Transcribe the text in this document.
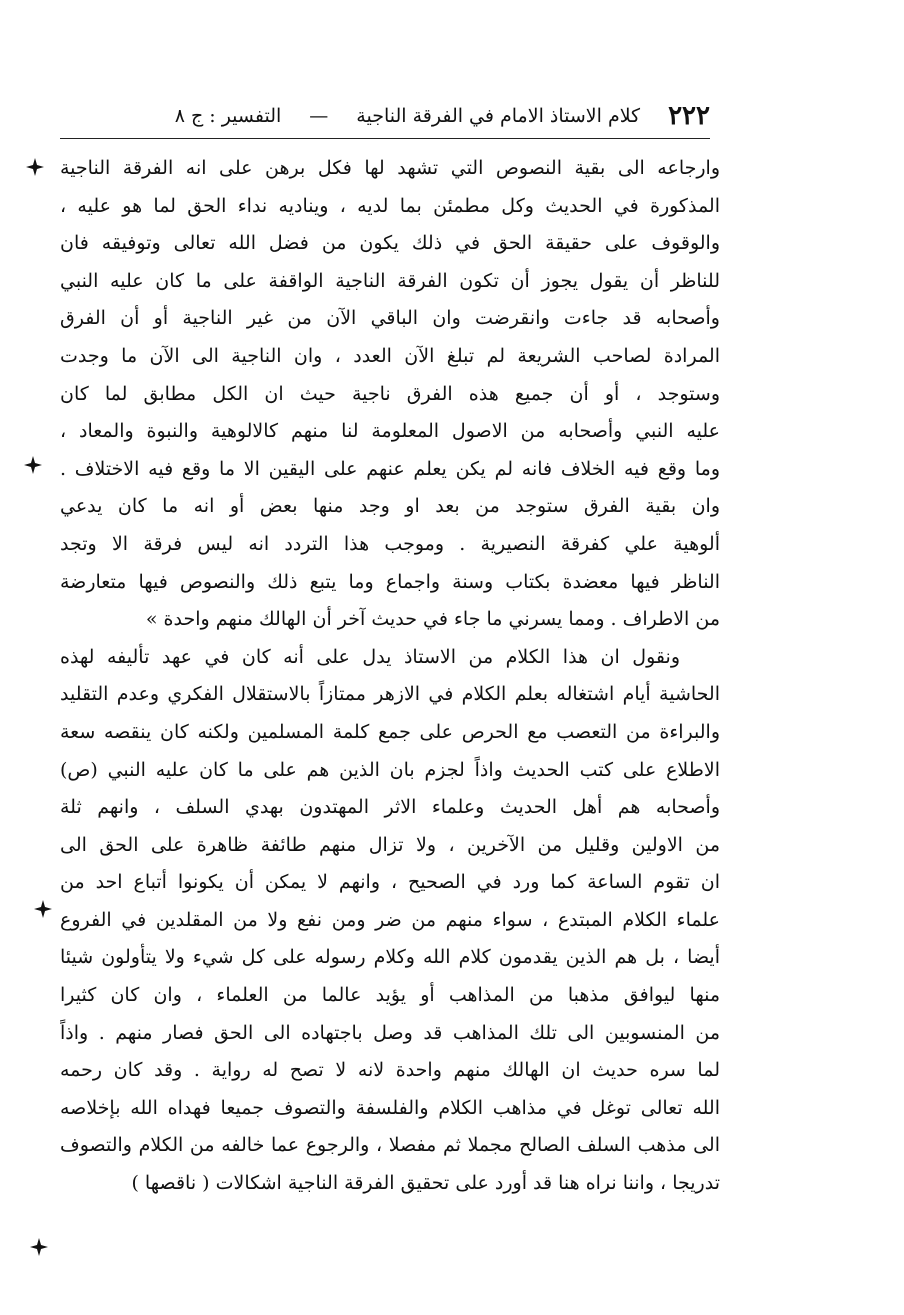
٢٢٢
كلام الاستاذ الامام في الفرقة الناجية
—
التفسير : ج ٨
وارجاعه الى بقية النصوص التي تشهد لها فكل برهن على انه الفرقة الناجية
المذكورة في الحديث وكل مطمئن بما لديه ، ويناديه نداء الحق لما هو عليه ،
والوقوف على حقيقة الحق في ذلك يكون من فضل الله تعالى وتوفيقه فان
للناظر أن يقول يجوز أن تكون الفرقة الناجية الواقفة على ما كان عليه النبي
وأصحابه قد جاءت وانقرضت وان الباقي الآن من غير الناجية أو أن الفرق
المرادة لصاحب الشريعة لم تبلغ الآن العدد ، وان الناجية الى الآن ما وجدت
وستوجد ، أو أن جميع هذه الفرق ناجية حيث ان الكل مطابق لما كان
عليه النبي وأصحابه من الاصول المعلومة لنا منهم كالالوهية والنبوة والمعاد ،
وما وقع فيه الخلاف فانه لم يكن يعلم عنهم على اليقين الا ما وقع فيه الاختلاف .
وان بقية الفرق ستوجد من بعد او وجد منها بعض أو انه ما كان يدعي
ألوهية علي كفرقة النصيرية . وموجب هذا التردد انه ليس فرقة الا وتجد
الناظر فيها معضدة بكتاب وسنة واجماع وما يتبع ذلك والنصوص فيها متعارضة
من الاطراف . ومما يسرني ما جاء في حديث آخر أن الهالك منهم واحدة »
ونقول ان هذا الكلام من الاستاذ يدل على أنه كان في عهد تأليفه لهذه
الحاشية أيام اشتغاله بعلم الكلام في الازهر ممتازاً بالاستقلال الفكري وعدم التقليد
والبراءة من التعصب مع الحرص على جمع كلمة المسلمين ولكنه كان ينقصه سعة
الاطلاع على كتب الحديث واذاً لجزم بان الذين هم على ما كان عليه النبي (ص)
وأصحابه هم أهل الحديث وعلماء الاثر المهتدون بهدي السلف ، وانهم ثلة
من الاولين وقليل من الآخرين ، ولا تزال منهم طائفة ظاهرة على الحق الى
ان تقوم الساعة كما ورد في الصحيح ، وانهم لا يمكن أن يكونوا أتباع احد من
علماء الكلام المبتدع ، سواء منهم من ضر ومن نفع ولا من المقلدين في الفروع
أيضا ، بل هم الذين يقدمون كلام الله وكلام رسوله على كل شيء ولا يتأولون شيئا
منها ليوافق مذهبا من المذاهب أو يؤيد عالما من العلماء ، وان كان كثيرا
من المنسوبين الى تلك المذاهب قد وصل باجتهاده الى الحق فصار منهم . واذاً
لما سره حديث ان الهالك منهم واحدة لانه لا تصح له رواية . وقد كان رحمه
الله تعالى توغل في مذاهب الكلام والفلسفة والتصوف جميعا فهداه الله بإخلاصه
الى مذهب السلف الصالح مجملا ثم مفصلا ، والرجوع عما خالفه من الكلام والتصوف
تدريجا ، واننا نراه هنا قد أورد على تحقيق الفرقة الناجية اشكالات ( ناقصها )
